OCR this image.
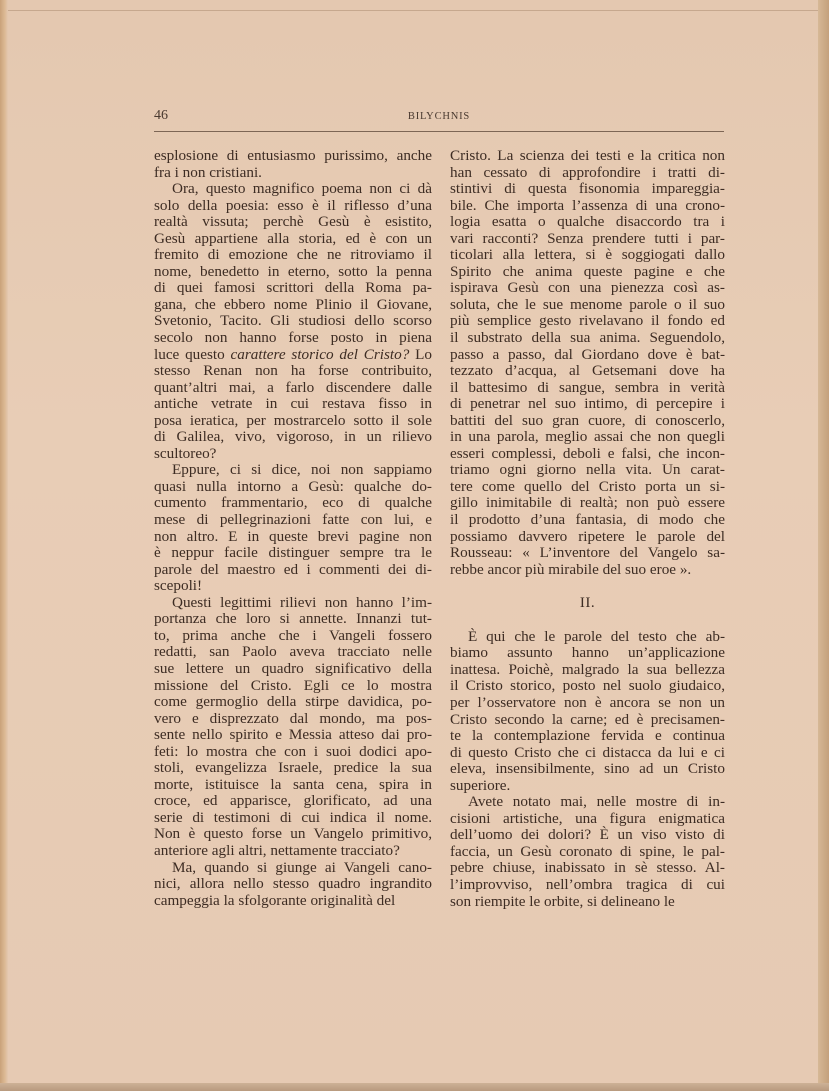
46	BILYCHNIS

esplosione di entusiasmo purissimo, anche
fra i non cristiani.

Ora, questo magnifico poema non ci dà
solo della poesia: esso è il riflesso d’una
realtà vissuta; perchè Gesù è esistito,
Gesù appartiene alla storia, ed è con un
fremito di emozione che ne ritroviamo il
nome, benedetto in eterno, sotto la penna
di quei famosi scrittori della Roma pa-
gana, che ebbero nome Plinio il Giovane,
Svetonio, Tacito. Gli studiosi dello scorso
secolo non hanno forse posto in piena
luce questo carattere storico del Cristo? Lo
stesso Renan non ha forse contribuito,
quant’altri mai, a farlo discendere dalle
antiche vetrate in cui restava fisso in
posa ieratica, per mostrarcelo sotto il sole
di Galilea, vivo, vigoroso, in un rilievo
scultoreo?

Eppure, ci si dice, noi non sappiamo
quasi nulla intorno a Gesù: qualche do-
cumento frammentario, eco di qualche
mese di pellegrinazioni fatte con lui, e
non altro. E in queste brevi pagine non
è neppur facile distinguer sempre tra le
parole del maestro ed i commenti dei di-
scepoli!

Questi legittimi rilievi non hanno l’im-
portanza che loro si annette. Innanzi tut-
to, prima anche che i Vangeli fossero
redatti, san Paolo aveva tracciato nelle
sue lettere un quadro significativo della
missione del Cristo. Egli ce lo mostra
come germoglio della stirpe davidica, po-
vero e disprezzato dal mondo, ma pos-
sente nello spirito e Messia atteso dai pro-
feti: lo mostra che con i suoi dodici apo-
stoli, evangelizza Israele, predice la sua
morte, istituisce la santa cena, spira in
croce, ed apparisce, glorificato, ad una
serie di testimoni di cui indica il nome.
Non è questo forse un Vangelo primitivo,
anteriore agli altri, nettamente tracciato?

Ma, quando si giunge ai Vangeli cano-
nici, allora nello stesso quadro ingrandito
campeggia la sfolgorante originalità del

Cristo. La scienza dei testi e la critica non
han cessato di approfondire i tratti di-
stintivi di questa fisonomia impareggia-
bile. Che importa l’assenza di una crono-
logia esatta o qualche disaccordo tra i
vari racconti? Senza prendere tutti i par-
ticolari alla lettera, si è soggiogati dallo
Spirito che anima queste pagine e che
ispirava Gesù con una pienezza così as-
soluta, che le sue menome parole o il suo
più semplice gesto rivelavano il fondo ed
il substrato della sua anima. Seguendolo,
passo a passo, dal Giordano dove è bat-
tezzato d’acqua, al Getsemani dove ha
il battesimo di sangue, sembra in verità
di penetrar nel suo intimo, di percepire i
battiti del suo gran cuore, di conoscerlo,
in una parola, meglio assai che non quegli
esseri complessi, deboli e falsi, che incon-
triamo ogni giorno nella vita. Un carat-
tere come quello del Cristo porta un si-
gillo inimitabile di realtà; non può essere
il prodotto d’una fantasia, di modo che
possiamo davvero ripetere le parole del
Rousseau: « L’inventore del Vangelo sa-
rebbe ancor più mirabile del suo eroe ».

II.

È qui che le parole del testo che ab-
biamo assunto hanno un’applicazione
inattesa. Poichè, malgrado la sua bellezza
il Cristo storico, posto nel suolo giudaico,
per l’osservatore non è ancora se non un
Cristo secondo la carne; ed è precisamen-
te la contemplazione fervida e continua
di questo Cristo che ci distacca da lui e ci
eleva, insensibilmente, sino ad un Cristo
superiore.

Avete notato mai, nelle mostre di in-
cisioni artistiche, una figura enigmatica
dell’uomo dei dolori? È un viso visto di
faccia, un Gesù coronato di spine, le pal-
pebre chiuse, inabissato in sè stesso. Al-
l’improvviso, nell’ombra tragica di cui
son riempite le orbite, si delineano le
